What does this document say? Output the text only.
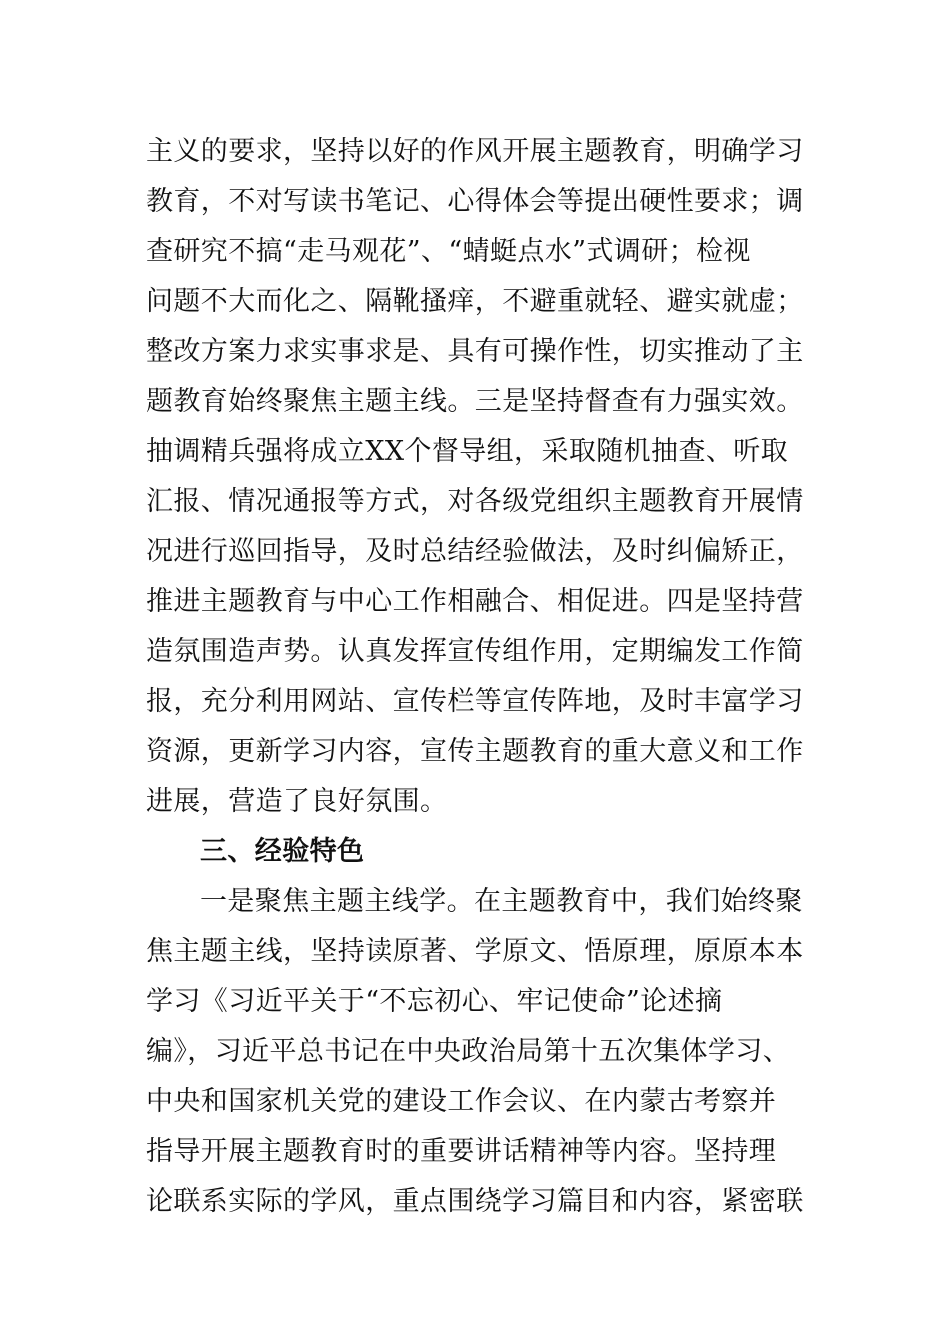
主义的要求，坚持以好的作风开展主题教育，明确学习
教育，不对写读书笔记、心得体会等提出硬性要求；调
查研究不搞“走马观花”、“蜻蜓点水”式调研；检视
问题不大而化之、隔靴搔痒，不避重就轻、避实就虚；
整改方案力求实事求是、具有可操作性，切实推动了主
题教育始终聚焦主题主线。三是坚持督查有力强实效。
抽调精兵强将成立XX个督导组，采取随机抽查、听取
汇报、情况通报等方式，对各级党组织主题教育开展情
况进行巡回指导，及时总结经验做法，及时纠偏矫正，
推进主题教育与中心工作相融合、相促进。四是坚持营
造氛围造声势。认真发挥宣传组作用，定期编发工作简
报，充分利用网站、宣传栏等宣传阵地，及时丰富学习
资源，更新学习内容，宣传主题教育的重大意义和工作
进展，营造了良好氛围。
三、经验特色
一是聚焦主题主线学。在主题教育中，我们始终聚
焦主题主线，坚持读原著、学原文、悟原理，原原本本
学习《习近平关于“不忘初心、牢记使命”论述摘
编》，习近平总书记在中央政治局第十五次集体学习、
中央和国家机关党的建设工作会议、在内蒙古考察并
指导开展主题教育时的重要讲话精神等内容。坚持理
论联系实际的学风，重点围绕学习篇目和内容，紧密联
